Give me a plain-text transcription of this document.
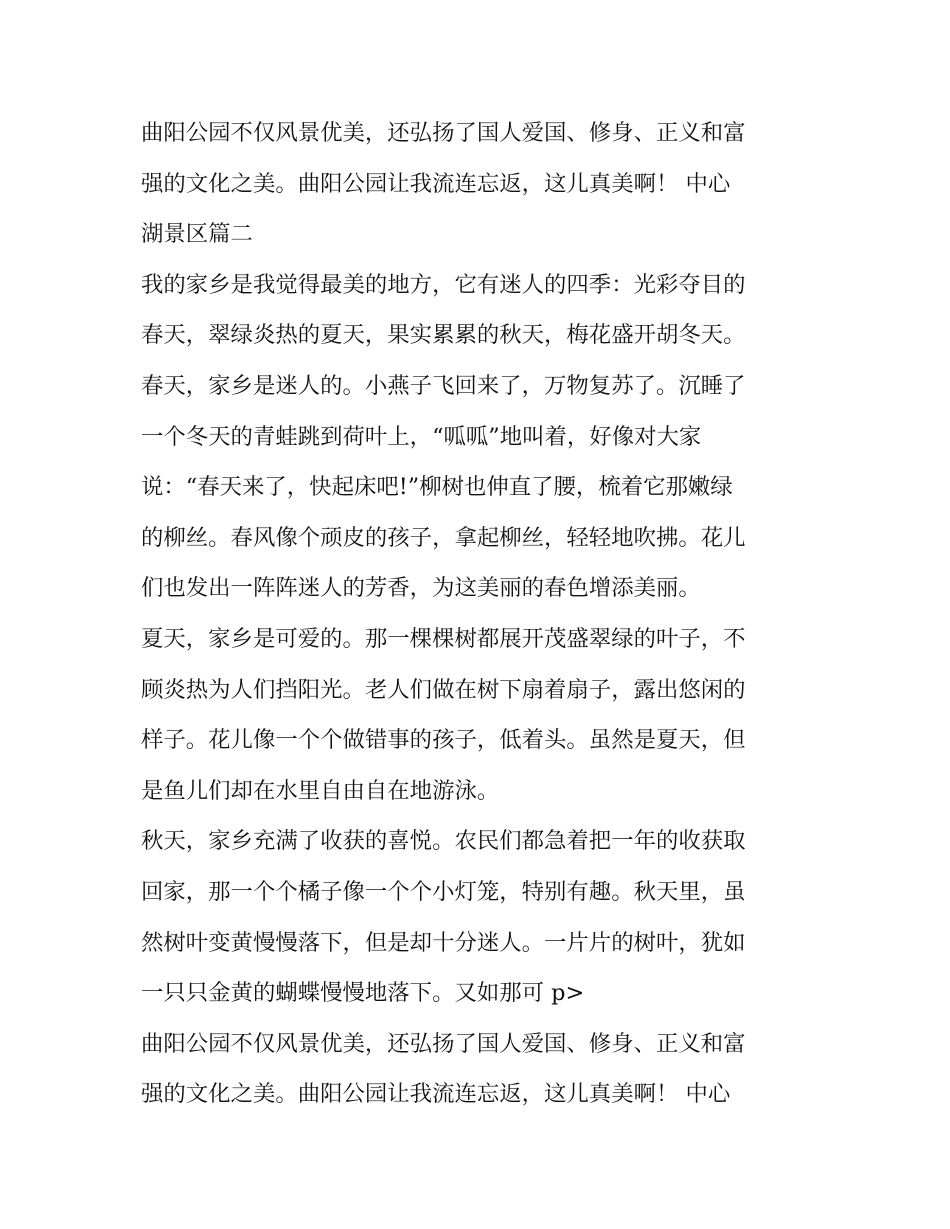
曲阳公园不仅风景优美，还弘扬了国人爱国、修身、正义和富
强的文化之美。曲阳公园让我流连忘返，这儿真美啊！ 中心
湖景区篇二
我的家乡是我觉得最美的地方，它有迷人的四季：光彩夺目的
春天，翠绿炎热的夏天，果实累累的秋天，梅花盛开胡冬天。
春天，家乡是迷人的。小燕子飞回来了，万物复苏了。沉睡了
一个冬天的青蛙跳到荷叶上，“呱呱”地叫着，好像对大家
说：“春天来了，快起床吧!”柳树也伸直了腰，梳着它那嫩绿
的柳丝。春风像个顽皮的孩子，拿起柳丝，轻轻地吹拂。花儿
们也发出一阵阵迷人的芳香，为这美丽的春色增添美丽。
夏天，家乡是可爱的。那一棵棵树都展开茂盛翠绿的叶子，不
顾炎热为人们挡阳光。老人们做在树下扇着扇子，露出悠闲的
样子。花儿像一个个做错事的孩子，低着头。虽然是夏天，但
是鱼儿们却在水里自由自在地游泳。
秋天，家乡充满了收获的喜悦。农民们都急着把一年的收获取
回家，那一个个橘子像一个个小灯笼，特别有趣。秋天里，虽
然树叶变黄慢慢落下，但是却十分迷人。一片片的树叶，犹如
一只只金黄的蝴蝶慢慢地落下。又如那可 p>
曲阳公园不仅风景优美，还弘扬了国人爱国、修身、正义和富
强的文化之美。曲阳公园让我流连忘返，这儿真美啊！ 中心
